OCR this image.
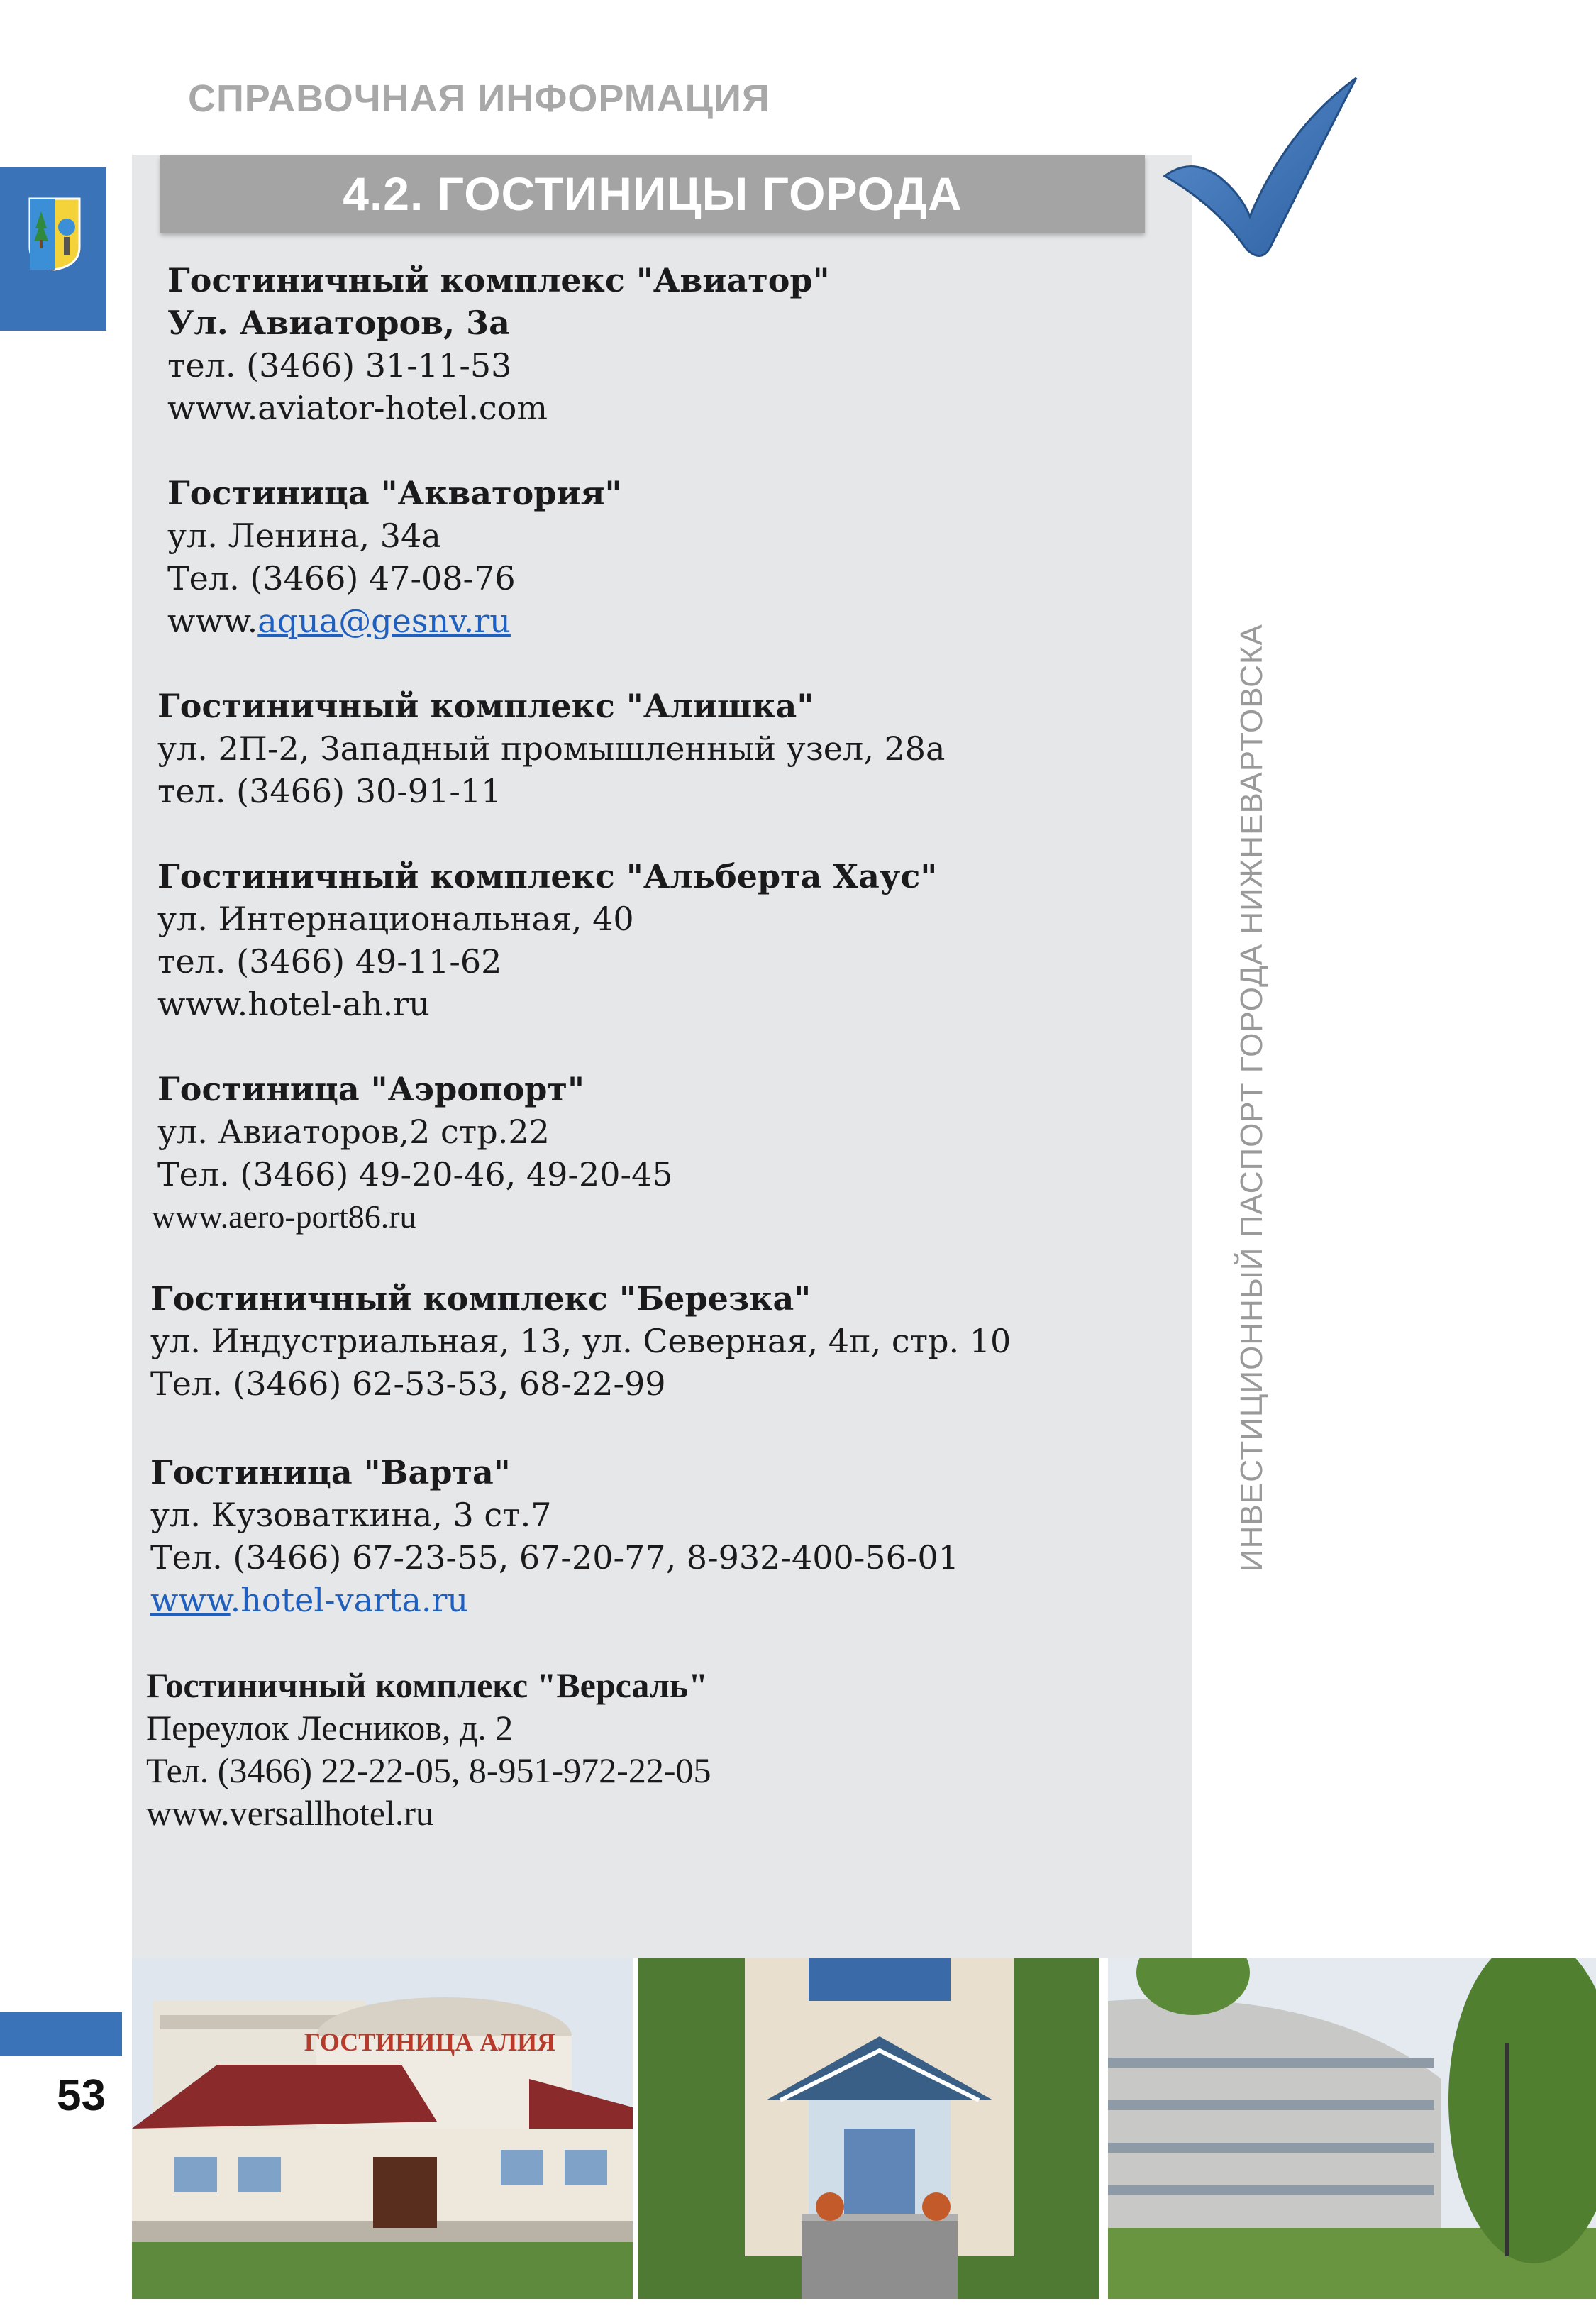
СПРАВОЧНАЯ ИНФОРМАЦИЯ
4.2. ГОСТИНИЦЫ ГОРОДА
Гостиничный комплекс "Авиатор"
Ул. Авиаторов, 3а
тел. (3466) 31-11-53
www.aviator-hotel.com
Гостиница "Акватория"
ул. Ленина, 34а
Тел. (3466) 47-08-76
www.aqua@gesnv.ru
Гостиничный комплекс "Алишка"
ул. 2П-2, Западный промышленный узел, 28а
тел. (3466) 30-91-11
Гостиничный комплекс "Альберта Хаус"
ул. Интернациональная, 40
тел. (3466) 49-11-62
www.hotel-ah.ru
Гостиница "Аэропорт"
ул. Авиаторов,2 стр.22
Тел. (3466) 49-20-46, 49-20-45
www.aero-port86.ru
Гостиничный комплекс "Березка"
ул. Индустриальная, 13, ул. Северная, 4п, стр. 10
Тел. (3466) 62-53-53, 68-22-99
Гостиница "Варта"
ул. Кузоваткина, 3 ст.7
Тел. (3466) 67-23-55, 67-20-77, 8-932-400-56-01
www.hotel-varta.ru
Гостиничный комплекс "Версаль"
Переулок Лесников, д. 2
Тел. (3466) 22-22-05, 8-951-972-22-05
www.versallhotel.ru
ИНВЕСТИЦИОННЫЙ ПАСПОРТ ГОРОДА НИЖНЕВАРТОВСКА
53
ГОСТИНИЦА АЛИЯ
